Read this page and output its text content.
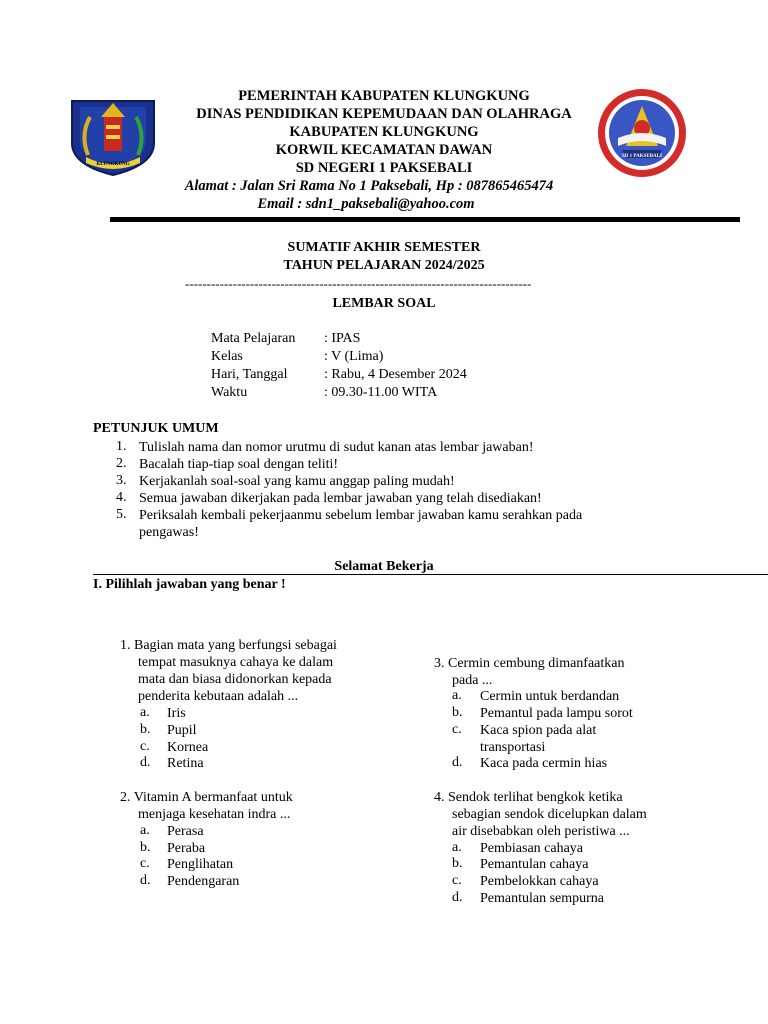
KLUNGKUNG
SD 1 PAKSEBALI
PEMERINTAH KABUPATEN KLUNGKUNG
DINAS PENDIDIKAN KEPEMUDAAN DAN OLAHRAGA
KABUPATEN KLUNGKUNG
KORWIL KECAMATAN DAWAN
SD NEGERI 1 PAKSEBALI
Alamat : Jalan Sri Rama No 1 Paksebali, Hp : 087865465474
Email : sdn1_paksebali@yahoo.com
SUMATIF AKHIR SEMESTER
TAHUN PELAJARAN 2024/2025
--------------------------------------------------------------------------------
LEMBAR SOAL
Mata Pelajaran : IPAS
Kelas	: V (Lima)
Hari, Tanggal	: Rabu, 4 Desember 2024
Waktu	: 09.30-11.00 WITA
PETUNJUK UMUM
1. Tulislah nama dan nomor urutmu di sudut kanan atas lembar jawaban!
2. Bacalah tiap-tiap soal dengan teliti!
3. Kerjakanlah soal-soal yang kamu anggap paling mudah!
4. Semua jawaban dikerjakan pada lembar jawaban yang telah disediakan!
5. Periksalah kembali pekerjaanmu sebelum lembar jawaban kamu serahkan pada
pengawas!
Selamat Bekerja
I. Pilihlah jawaban yang benar !
1. Bagian mata yang berfungsi sebagai
tempat masuknya cahaya ke dalam
mata dan biasa didonorkan kepada
penderita kebutaan adalah ...
a. Iris
b. Pupil
c. Kornea
d. Retina
2. Vitamin A bermanfaat untuk
menjaga kesehatan indra ...
a. Perasa
b. Peraba
c. Penglihatan
d. Pendengaran
3. Cermin cembung dimanfaatkan
pada ...
a. Cermin untuk berdandan
b. Pemantul pada lampu sorot
c. Kaca spion pada alat
transportasi
d. Kaca pada cermin hias
4. Sendok terlihat bengkok ketika
sebagian sendok dicelupkan dalam
air disebabkan oleh peristiwa ...
a. Pembiasan cahaya
b. Pemantulan cahaya
c. Pembelokkan cahaya
d. Pemantulan sempurna
